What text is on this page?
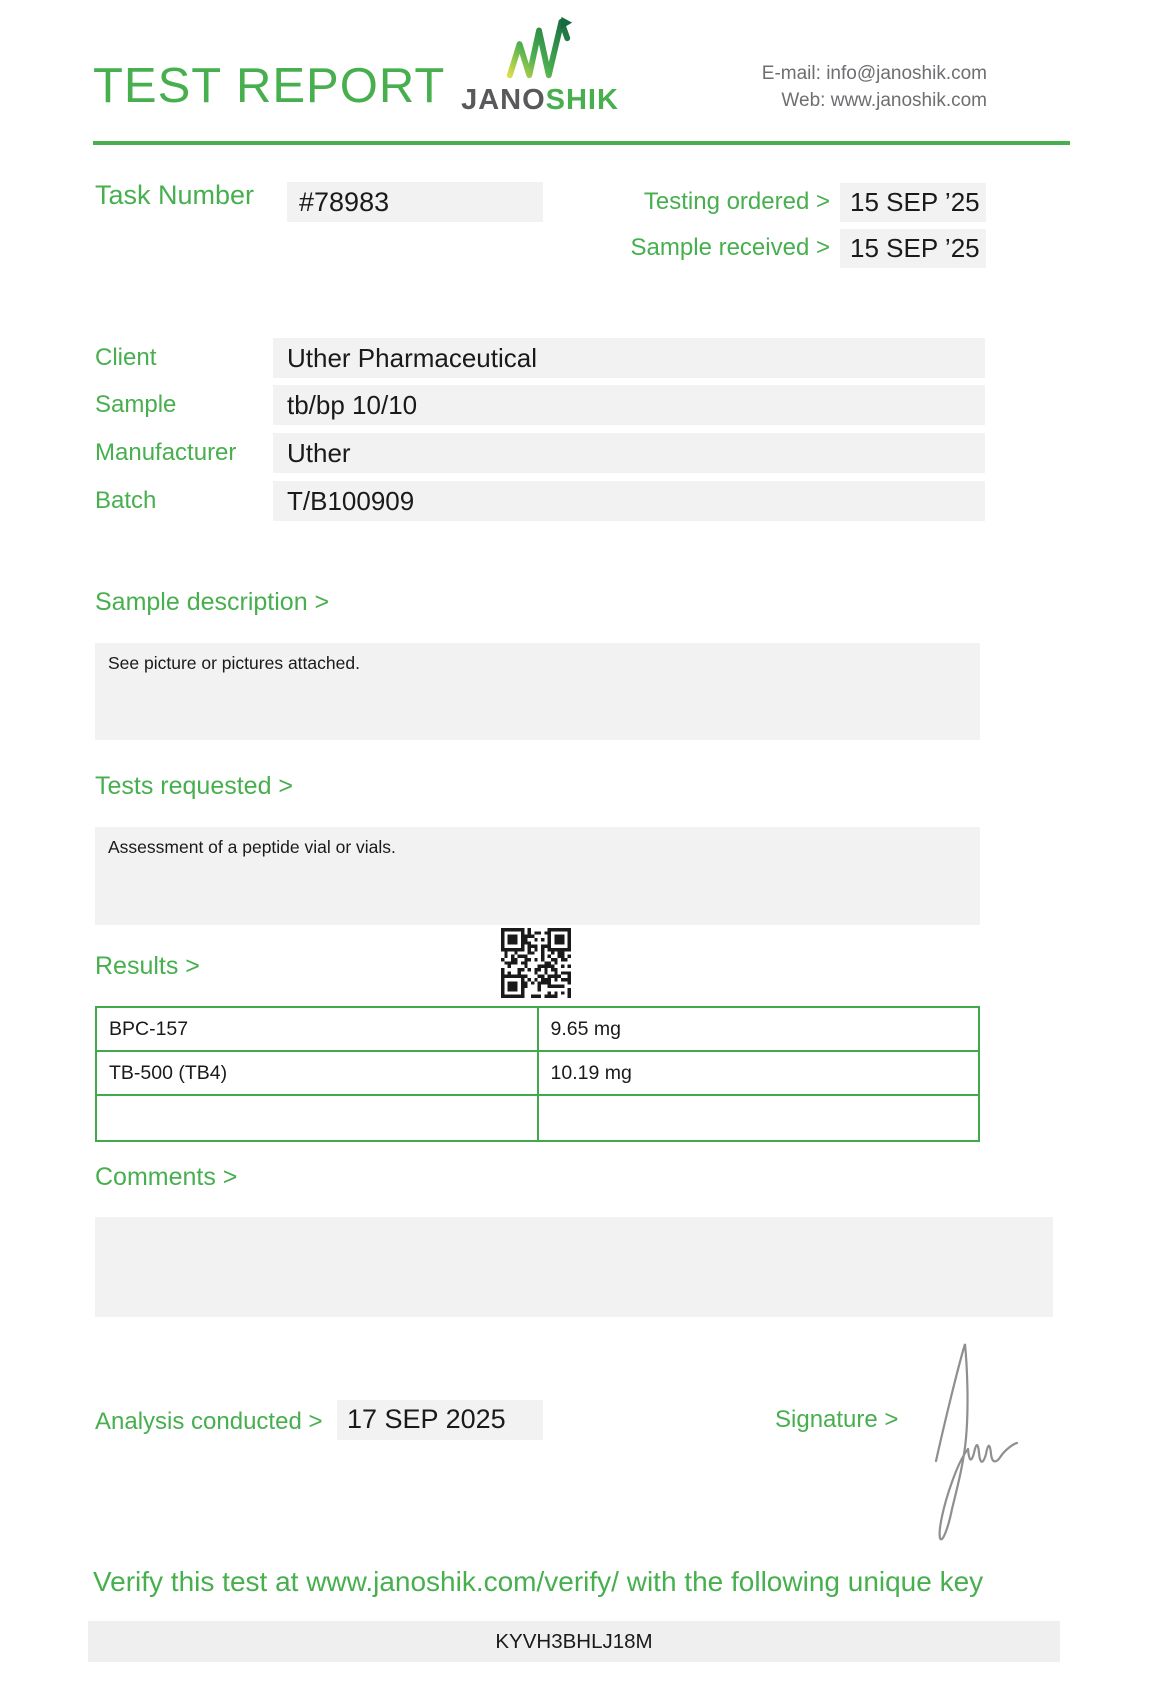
TEST REPORT JANOSHIK
E-mail: info@janoshik.com
Web: www.janoshik.com
Task Number	#78983	Testing ordered > 15 SEP ’25
Sample received > 15 SEP ’25
Client	Uther Pharmaceutical
Sample	tb/bp 10/10
Manufacturer	Uther
Batch	T/B100909
Sample description >
See picture or pictures attached.
Tests requested >
Assessment of a peptide vial or vials.
Results >
BPC-157	9.65 mg
TB-500 (TB4)	10.19 mg

Comments >
Analysis conducted > 17 SEP 2025	Signature >
Verify this test at www.janoshik.com/verify/ with the following unique key
KYVH3BHLJ18M
